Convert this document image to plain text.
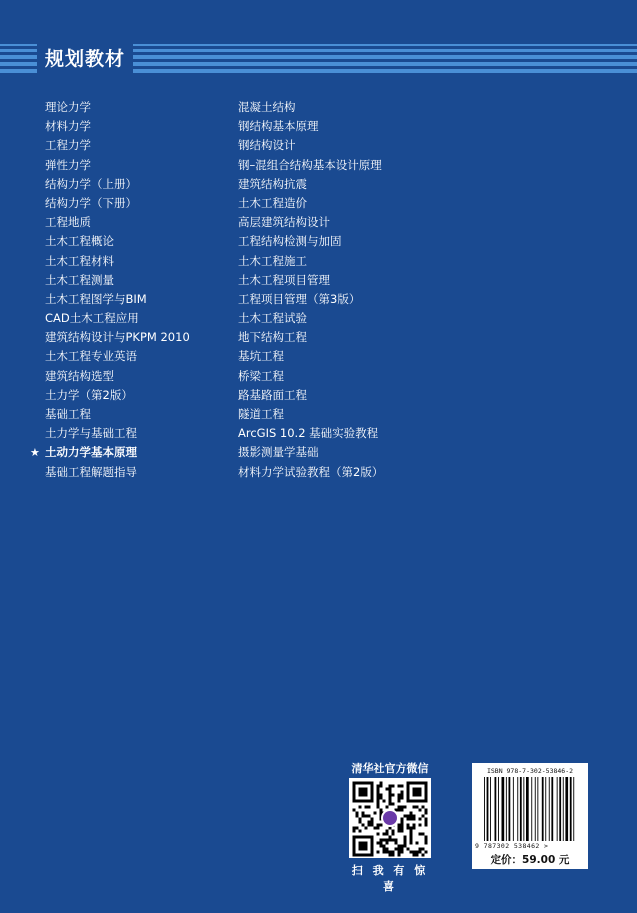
规划教材
理论力学
材料力学
工程力学
弹性力学
结构力学（上册）
结构力学（下册）
工程地质
土木工程概论
土木工程材料
土木工程测量
土木工程图学与BIM
CAD土木工程应用
建筑结构设计与PKPM 2010
土木工程专业英语
建筑结构选型
土力学（第2版）
基础工程
土力学与基础工程
★ 土动力学基本原理
基础工程解题指导
混凝土结构
钢结构基本原理
钢结构设计
钢–混组合结构基本设计原理
建筑结构抗震
土木工程造价
高层建筑结构设计
工程结构检测与加固
土木工程施工
土木工程项目管理
工程项目管理（第3版）
土木工程试验
地下结构工程
基坑工程
桥梁工程
路基路面工程
隧道工程
ArcGIS 10.2 基础实验教程
摄影测量学基础
材料力学试验教程（第2版）
清华社官方微信
扫 我 有 惊 喜
ISBN 978-7-302-53846-2
9 787302 538462 >
定价：59.00 元
